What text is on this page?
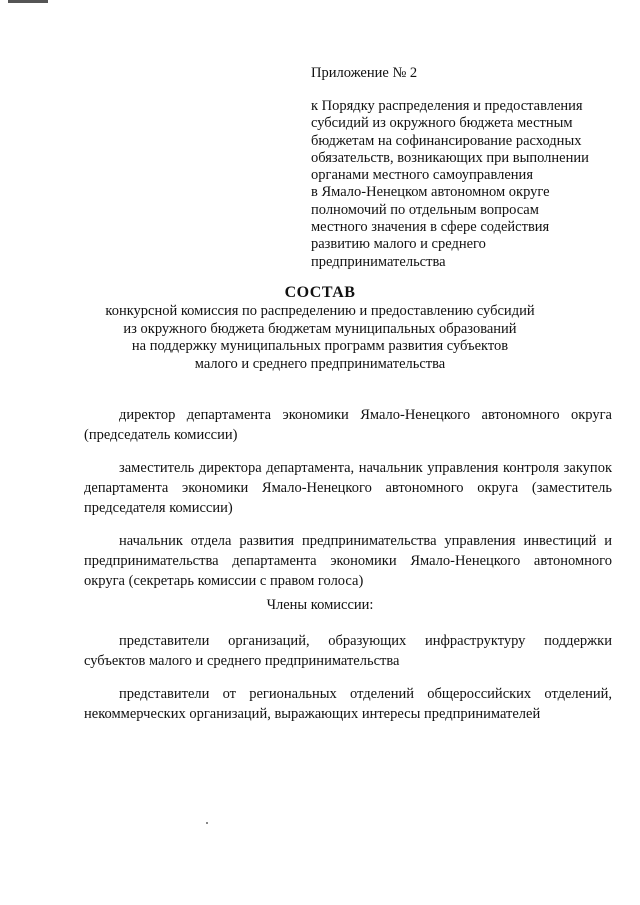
Приложение № 2
к Порядку распределения и предоставления
субсидий из окружного бюджета местным
бюджетам на софинансирование расходных
обязательств, возникающих при выполнении
органами местного самоуправления
в Ямало-Ненецком автономном округе
полномочий по отдельным вопросам
местного значения в сфере содействия
развитию малого и среднего
предпринимательства
СОСТАВ
конкурсной комиссия по распределению и предоставлению субсидий
из окружного бюджета бюджетам муниципальных образований
на поддержку муниципальных программ развития субъектов
малого и среднего предпринимательства
директор департамента экономики Ямало-Ненецкого автономного округа (председатель комиссии)
заместитель директора департамента, начальник управления контроля закупок департамента экономики Ямало-Ненецкого автономного округа (заместитель председателя комиссии)
начальник отдела развития предпринимательства управления инвестиций и предпринимательства департамента экономики Ямало-Ненецкого автономного округа (секретарь комиссии с правом голоса)
Члены комиссии:
представители организаций, образующих инфраструктуру поддержки субъектов малого и среднего предпринимательства
представители от региональных отделений общероссийских отделений, некоммерческих организаций, выражающих интересы предпринимателей
